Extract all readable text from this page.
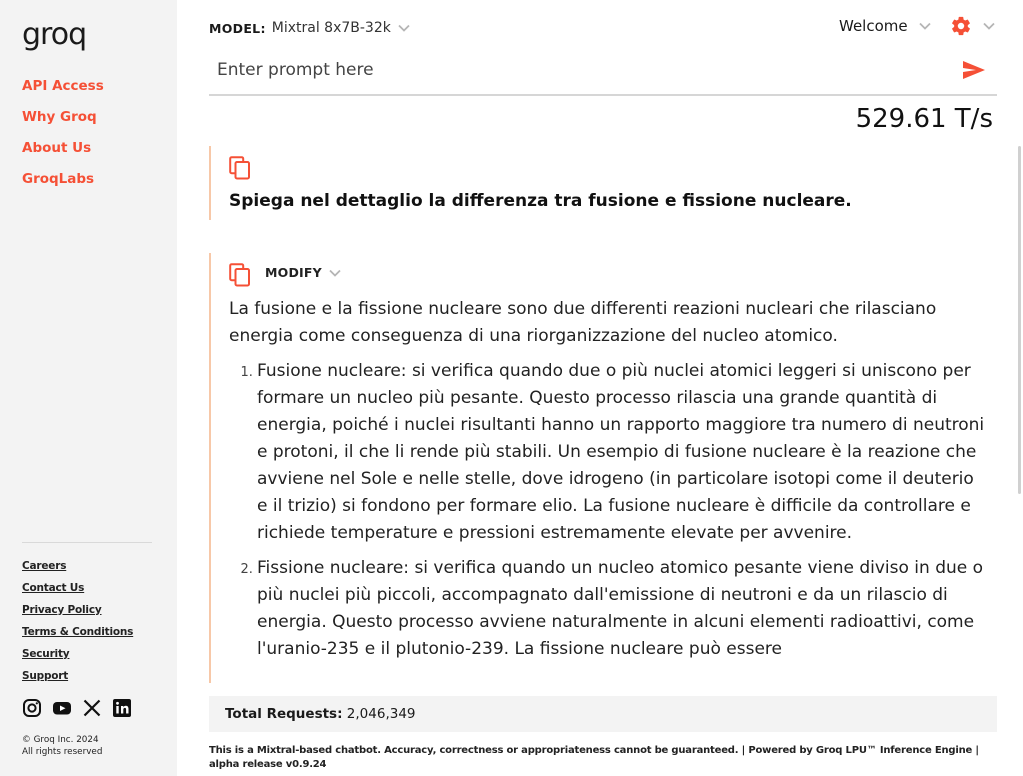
groq
API Access
Why Groq
About Us
GroqLabs
Careers
Contact Us
Privacy Policy
Terms & Conditions
Security
Support
© Groq Inc. 2024
All rights reserved
MODEL: Mixtral 8x7B-32k	Welcome
Enter prompt here
529.61 T/s
Spiega nel dettaglio la differenza tra fusione e fissione nucleare.
MODIFY

La fusione e la fissione nucleare sono due differenti reazioni nucleari che rilasciano energia come conseguenza di una riorganizzazione del nucleo atomico.

1. Fusione nucleare: si verifica quando due o più nuclei atomici leggeri si uniscono per formare un nucleo più pesante. Questo processo rilascia una grande quantità di energia, poiché i nuclei risultanti hanno un rapporto maggiore tra numero di neutroni e protoni, il che li rende più stabili. Un esempio di fusione nucleare è la reazione che avviene nel Sole e nelle stelle, dove idrogeno (in particolare isotopi come il deuterio e il trizio) si fondono per formare elio. La fusione nucleare è difficile da controllare e richiede temperature e pressioni estremamente elevate per avvenire.
2. Fissione nucleare: si verifica quando un nucleo atomico pesante viene diviso in due o più nuclei più piccoli, accompagnato dall'emissione di neutroni e da un rilascio di energia. Questo processo avviene naturalmente in alcuni elementi radioattivi, come l'uranio-235 e il plutonio-239. La fissione nucleare può essere
Total Requests: 2,046,349
This is a Mixtral-based chatbot. Accuracy, correctness or appropriateness cannot be guaranteed. | Powered by Groq LPU™ Inference Engine | alpha release v0.9.24
